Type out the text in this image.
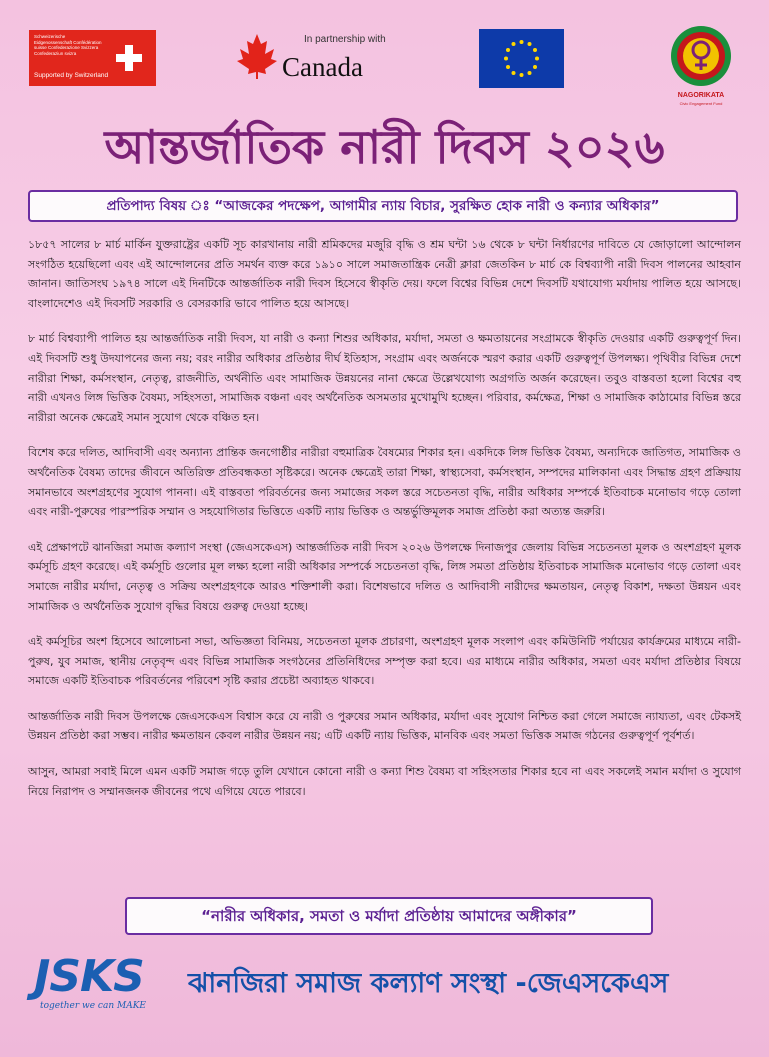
Schweizerische Eidgenossenschaft Confédération suisse Confederazione Svizzera Confederaziun svizra
Supported by Switzerland
In partnership with
Canada
NAGORIKATA
Civic Engagement Fund
আন্তর্জাতিক নারী দিবস ২০২৬
প্রতিপাদ্য বিষয় ঃ “আজকের পদক্ষেপ, আগামীর ন্যায় বিচার, সুরক্ষিত হোক নারী ও কন্যার অধিকার”

১৮৫৭ সালের ৮ মার্চ মার্কিন যুক্তরাষ্ট্রের একটি সূচ কারখানায় নারী শ্রমিকদের মজুরি বৃদ্ধি ও শ্রম ঘন্টা ১৬ থেকে ৮ ঘন্টা নির্ধারণের দাবিতে যে জোড়ালো আন্দোলন সংগঠিত হয়েছিলো এবং এই আন্দোলনের প্রতি সমর্থন ব্যক্ত করে ১৯১০ সালে সমাজতান্ত্রিক নেত্রী ক্লারা জেতকিন ৮ মার্চ কে বিশ্বব্যাপী নারী দিবস পালনের আহবান জানান। জাতিসংঘ ১৯৭৪ সালে এই দিনটিকে আন্তর্জাতিক নারী দিবস হিসেবে স্বীকৃতি দেয়। ফলে বিশ্বের বিভিন্ন দেশে দিবসটি যথাযোগ্য মর্যাদায় পালিত হয়ে আসছে। বাংলাদেশেও এই দিবসটি সরকারি ও বেসরকারি ভাবে পালিত হয়ে আসছে।

৮ মার্চ বিশ্বব্যাপী পালিত হয় আন্তর্জাতিক নারী দিবস, যা নারী ও কন্যা শিশুর অধিকার, মর্যাদা, সমতা ও ক্ষমতায়নের সংগ্রামকে স্বীকৃতি দেওয়ার একটি গুরুত্বপূর্ণ দিন। এই দিবসটি শুধু উদযাপনের জন্য নয়; বরং নারীর অধিকার প্রতিষ্ঠার দীর্ঘ ইতিহাস, সংগ্রাম এবং অর্জনকে স্মরণ করার একটি গুরুত্বপূর্ণ উপলক্ষ্য। পৃথিবীর বিভিন্ন দেশে নারীরা শিক্ষা, কর্মসংস্থান, নেতৃত্ব, রাজনীতি, অর্থনীতি এবং সামাজিক উন্নয়নের নানা ক্ষেত্রে উল্লেখযোগ্য অগ্রগতি অর্জন করেছেন। তবুও বাস্তবতা হলো বিশ্বের বহু নারী এখনও লিঙ্গ ভিত্তিক বৈষম্য, সহিংসতা, সামাজিক বঞ্চনা এবং অর্থনৈতিক অসমতার মুখোমুখি হচ্ছেন। পরিবার, কর্মক্ষেত্র, শিক্ষা ও সামাজিক কাঠামোর বিভিন্ন স্তরে নারীরা অনেক ক্ষেত্রেই সমান সুযোগ থেকে বঞ্চিত হন।

বিশেষ করে দলিত, আদিবাসী এবং অন্যান্য প্রান্তিক জনগোষ্ঠীর নারীরা বহুমাত্রিক বৈষম্যের শিকার হন। একদিকে লিঙ্গ ভিত্তিক বৈষম্য, অন্যদিকে জাতিগত, সামাজিক ও অর্থনৈতিক বৈষম্য তাদের জীবনে অতিরিক্ত প্রতিবন্ধকতা সৃষ্টিকরে। অনেক ক্ষেত্রেই তারা শিক্ষা, স্বাস্থ্যসেবা, কর্মসংস্থান, সম্পদের মালিকানা এবং সিদ্ধান্ত গ্রহণ প্রক্রিয়ায় সমানভাবে অংশগ্রহণের সুযোগ পাননা। এই বাস্তবতা পরিবর্তনের জন্য সমাজের সকল স্তরে সচেতনতা বৃদ্ধি, নারীর অধিকার সম্পর্কে ইতিবাচক মনোভাব গড়ে তোলা এবং নারী-পুরুষের পারস্পরিক সম্মান ও সহযোগিতার ভিত্তিতে একটি ন্যায় ভিত্তিক ও অন্তর্ভুক্তিমূলক সমাজ প্রতিষ্ঠা করা অত্যন্ত জরুরি।

এই প্রেক্ষাপটে ঝানজিরা সমাজ কল্যাণ সংস্থা (জেএসকেএস) আন্তর্জাতিক নারী দিবস ২০২৬ উপলক্ষে দিনাজপুর জেলায় বিভিন্ন সচেতনতা মূলক ও অংশগ্রহণ মূলক কর্মসূচি গ্রহণ করেছে। এই কর্মসূচি গুলোর মূল লক্ষ্য হলো নারী অধিকার সম্পর্কে সচেতনতা বৃদ্ধি, লিঙ্গ সমতা প্রতিষ্ঠায় ইতিবাচক সামাজিক মনোভাব গড়ে তোলা এবং সমাজে নারীর মর্যাদা, নেতৃত্ব ও সক্রিয় অংশগ্রহণকে আরও শক্তিশালী করা। বিশেষভাবে দলিত ও আদিবাসী নারীদের ক্ষমতায়ন, নেতৃত্ব বিকাশ, দক্ষতা উন্নয়ন এবং সামাজিক ও অর্থনৈতিক সুযোগ বৃদ্ধির বিষয়ে গুরুত্ব দেওয়া হচ্ছে।

এই কর্মসূচির অংশ হিসেবে আলোচনা সভা, অভিজ্ঞতা বিনিময়, সচেতনতা মূলক প্রচারণা, অংশগ্রহণ মূলক সংলাপ এবং কমিউনিটি পর্যায়ের কার্যক্রমের মাধ্যমে নারী-পুরুষ, যুব সমাজ, স্থানীয় নেতৃবৃন্দ এবং বিভিন্ন সামাজিক সংগঠনের প্রতিনিধিদের সম্পৃক্ত করা হবে। এর মাধ্যমে নারীর অধিকার, সমতা এবং মর্যাদা প্রতিষ্ঠার বিষয়ে সমাজে একটি ইতিবাচক পরিবর্তনের পরিবেশ সৃষ্টি করার প্রচেষ্টা অব্যাহত থাকবে।

আন্তর্জাতিক নারী দিবস উপলক্ষে জেএসকেএস বিশ্বাস করে যে নারী ও পুরুষের সমান অধিকার, মর্যাদা এবং সুযোগ নিশ্চিত করা গেলে সমাজে ন্যায্যতা, এবং টেকসই উন্নয়ন প্রতিষ্ঠা করা সম্ভব। নারীর ক্ষমতায়ন কেবল নারীর উন্নয়ন নয়; এটি একটি ন্যায় ভিত্তিক, মানবিক এবং সমতা ভিত্তিক সমাজ গঠনের গুরুত্বপূর্ণ পূর্বশর্ত।

আসুন, আমরা সবাই মিলে এমন একটি সমাজ গড়ে তুলি যেখানে কোনো নারী ও কন্যা শিশু বৈষম্য বা সহিংসতার শিকার হবে না এবং সকলেই সমান মর্যাদা ও সুযোগ নিয়ে নিরাপদ ও সম্মানজনক জীবনের পথে এগিয়ে যেতে পারবে।

“নারীর অধিকার, সমতা ও মর্যাদা প্রতিষ্ঠায় আমাদের অঙ্গীকার”
JSKS
together we can MAKE
ঝানজিরা সমাজ কল্যাণ সংস্থা -জেএসকেএস
